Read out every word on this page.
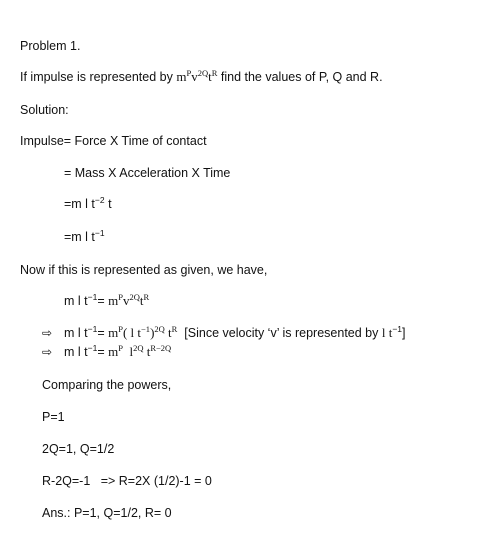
Problem 1.
If impulse is represented by $m^Pv^{2Q}t^R$ find the values of P, Q and R.
Solution:
Impulse= Force X Time of contact
= Mass X Acceleration X Time
=m l $t^{-2}$ t
=m l $t^{-1}$
Now if this is represented as given, we have,
m l $t^{-1}= m^Pv^{2Q}t^R$
⇨ m l $t^{-1}= m^P$( l $t^{-1})^{2Q}$ $t^R$ [Since velocity ‘v’ is represented by l $t^{-1}$]
⇨ m l $t^{-1}= m^P$  $l^{2Q}$ $t^{R-2Q}$
Comparing the powers,
P=1
2Q=1, Q=1/2
R-2Q=-1   => R=2X (1/2)-1 = 0
Ans.: P=1, Q=1/2, R= 0
